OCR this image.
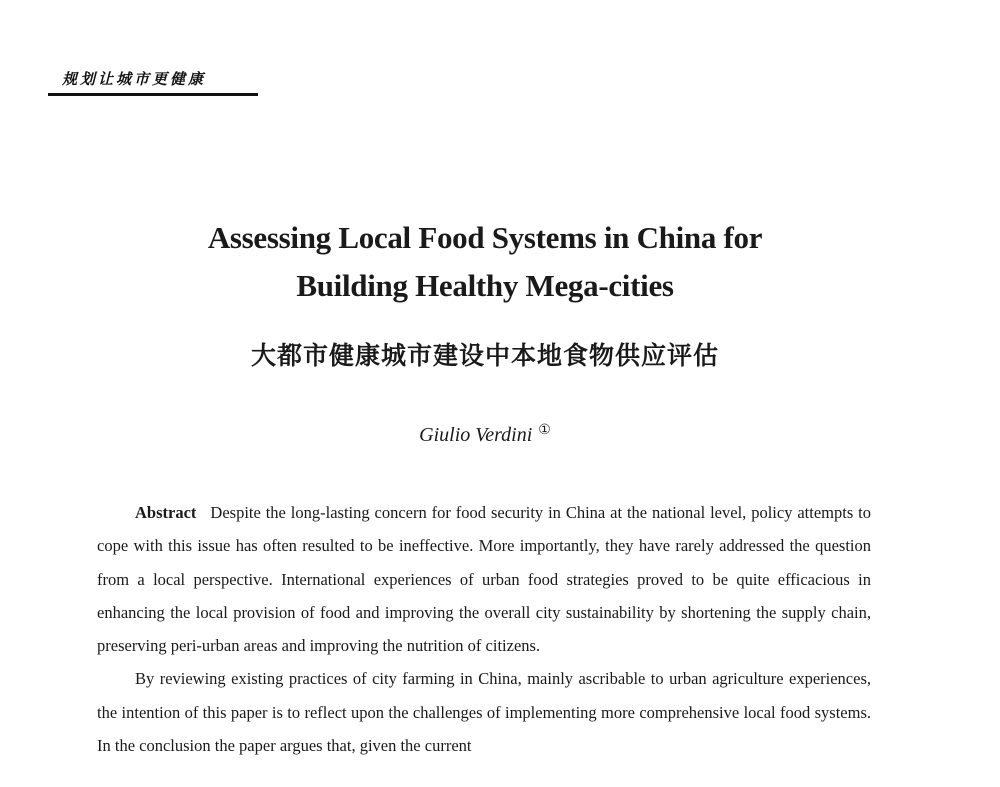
规划让城市更健康
Assessing Local Food Systems in China for
Building Healthy Mega-cities
大都市健康城市建设中本地食物供应评估
Giulio Verdini ①

Abstract Despite the long-lasting concern for food security in China at the national level, policy attempts to cope with this issue has often resulted to be ineffective. More importantly, they have rarely addressed the question from a local perspective. International experiences of urban food strategies proved to be quite efficacious in enhancing the local provision of food and improving the overall city sustainability by shortening the supply chain, preserving peri-urban areas and improving the nutrition of citizens.

By reviewing existing practices of city farming in China, mainly ascribable to urban agriculture experiences, the intention of this paper is to reflect upon the challenges of implementing more comprehensive local food systems. In the conclusion the paper argues that, given the current
